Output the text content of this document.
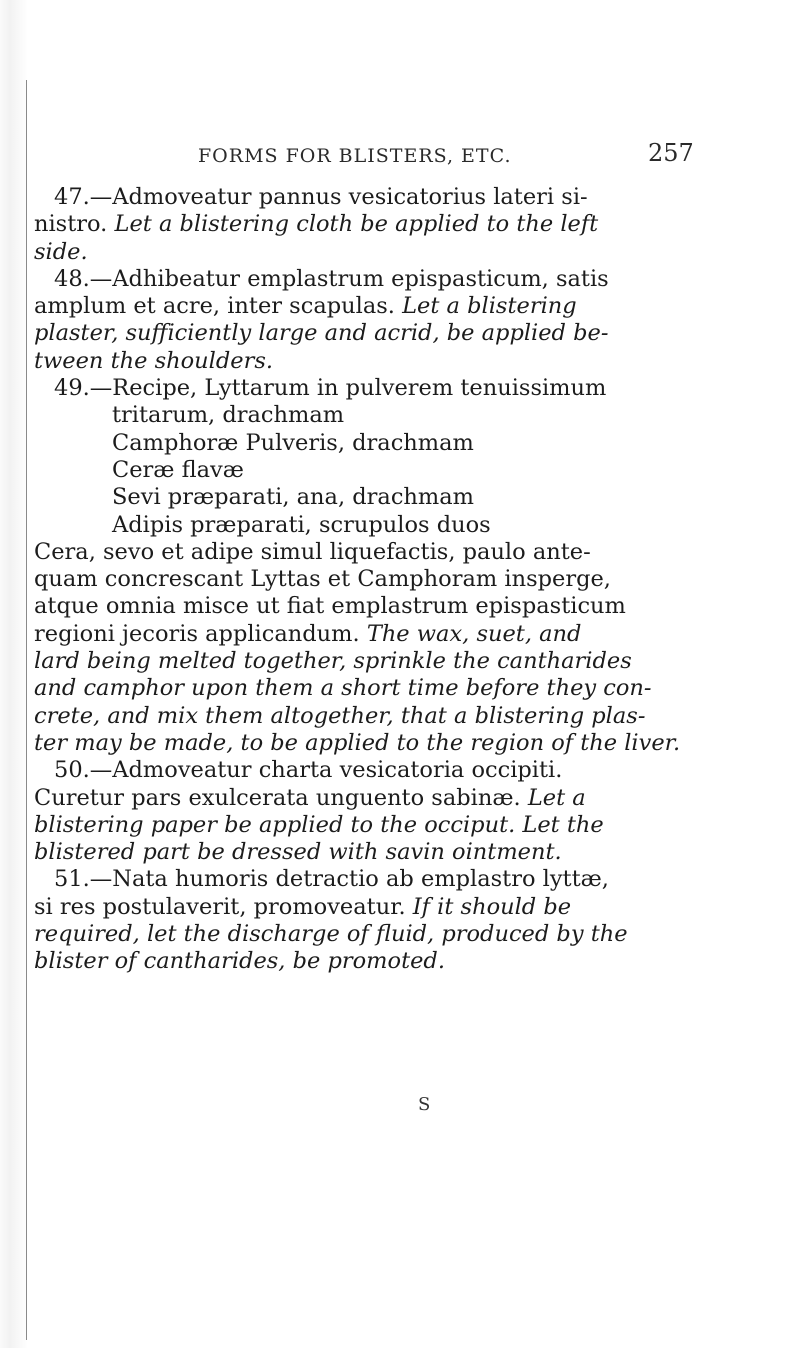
FORMS FOR BLISTERS, ETC.	257
47.—Admoveatur pannus vesicatorius lateri si-
nistro. Let a blistering cloth be applied to the left
side.
48.—Adhibeatur emplastrum epispasticum, satis
amplum et acre, inter scapulas. Let a blistering
plaster, sufficiently large and acrid, be applied be-
tween the shoulders.
49.—Recipe, Lyttarum in pulverem tenuissimum
tritarum, drachmam
Camphoræ Pulveris, drachmam
Ceræ flavæ
Sevi præparati, ana, drachmam
Adipis præparati, scrupulos duos
Cera, sevo et adipe simul liquefactis, paulo ante-
quam concrescant Lyttas et Camphoram insperge,
atque omnia misce ut fiat emplastrum epispasticum
regioni jecoris applicandum. The wax, suet, and
lard being melted together, sprinkle the cantharides
and camphor upon them a short time before they con-
crete, and mix them altogether, that a blistering plas-
ter may be made, to be applied to the region of the liver.
50.—Admoveatur charta vesicatoria occipiti.
Curetur pars exulcerata unguento sabinæ. Let a
blistering paper be applied to the occiput. Let the
blistered part be dressed with savin ointment.
51.—Nata humoris detractio ab emplastro lyttæ,
si res postulaverit, promoveatur. If it should be
required, let the discharge of fluid, produced by the
blister of cantharides, be promoted.
S
